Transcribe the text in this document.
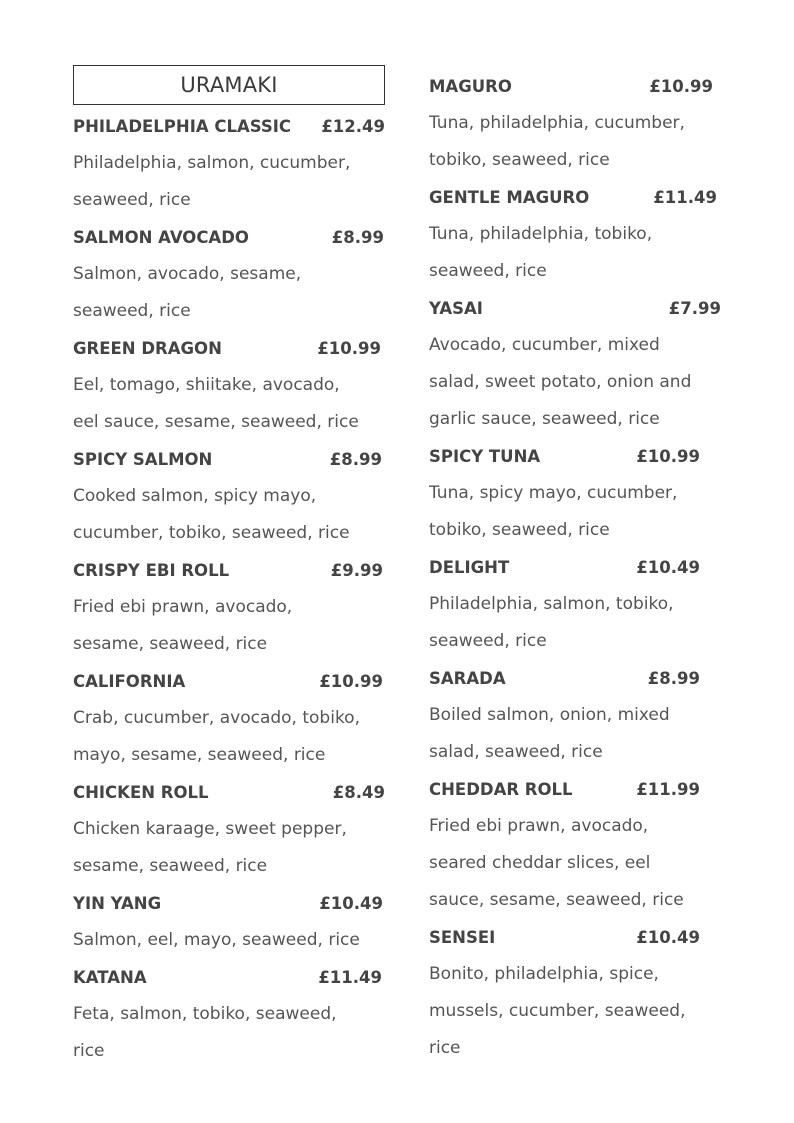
URAMAKI
PHILADELPHIA CLASSIC £12.49
Philadelphia, salmon, cucumber,
seaweed, rice
SALMON AVOCADO	£8.99
Salmon, avocado, sesame,
seaweed, rice
GREEN DRAGON	£10.99
Eel, tomago, shiitake, avocado,
eel sauce, sesame, seaweed, rice
SPICY SALMON	£8.99
Cooked salmon, spicy mayo,
cucumber, tobiko, seaweed, rice
CRISPY EBI ROLL	£9.99
Fried ebi prawn, avocado,
sesame, seaweed, rice
CALIFORNIA	£10.99
Crab, cucumber, avocado, tobiko,
mayo, sesame, seaweed, rice
CHICKEN ROLL	£8.49
Chicken karaage, sweet pepper,
sesame, seaweed, rice
YIN YANG	£10.49
Salmon, eel, mayo, seaweed, rice
KATANA	£11.49
Feta, salmon, tobiko, seaweed,
rice
MAGURO	£10.99
Tuna, philadelphia, cucumber,
tobiko, seaweed, rice
GENTLE MAGURO	£11.49
Tuna, philadelphia, tobiko,
seaweed, rice
YASAI	£7.99
Avocado, cucumber, mixed
salad, sweet potato, onion and
garlic sauce, seaweed, rice
SPICY TUNA	£10.99
Tuna, spicy mayo, cucumber,
tobiko, seaweed, rice
DELIGHT	£10.49
Philadelphia, salmon, tobiko,
seaweed, rice
SARADA	£8.99
Boiled salmon, onion, mixed
salad, seaweed, rice
CHEDDAR ROLL	£11.99
Fried ebi prawn, avocado,
seared cheddar slices, eel
sauce, sesame, seaweed, rice
SENSEI	£10.49
Bonito, philadelphia, spice,
mussels, cucumber, seaweed,
rice
